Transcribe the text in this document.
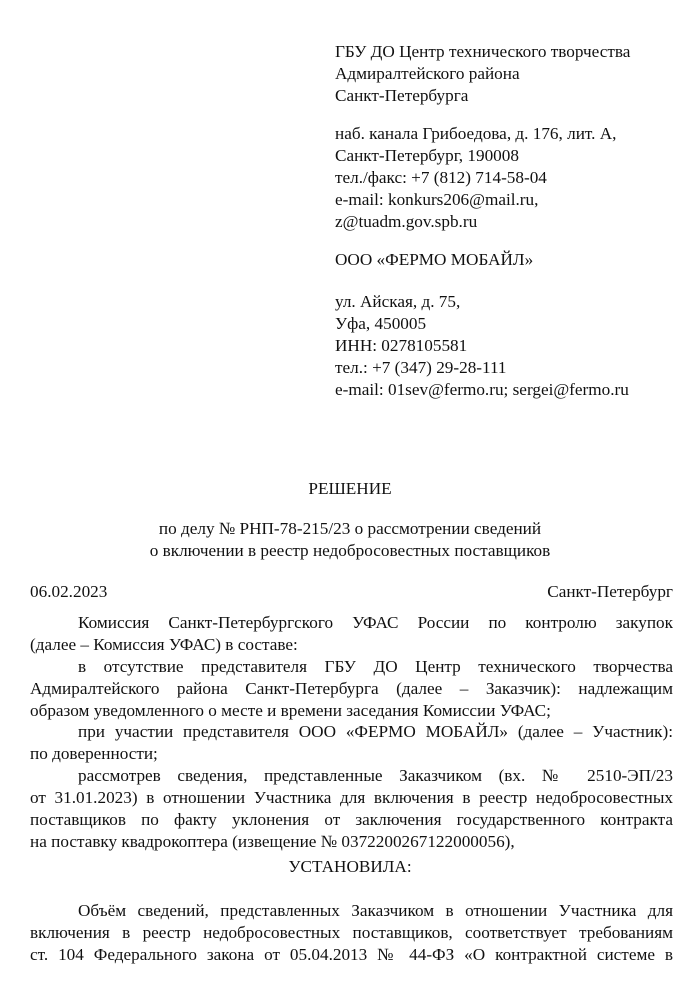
ГБУ ДО Центр технического творчества
Адмиралтейского района
Санкт-Петербурга
наб. канала Грибоедова, д. 176, лит. А,
Санкт-Петербург, 190008
тел./факс: +7 (812) 714-58-04
e-mail: konkurs206@mail.ru,
z@tuadm.gov.spb.ru
ООО «ФЕРМО МОБАЙЛ»
ул. Айская, д. 75,
Уфа, 450005
ИНН: 0278105581
тел.: +7 (347) 29-28-111
e-mail: 01sev@fermo.ru; sergei@fermo.ru
РЕШЕНИЕ
по делу № РНП-78-215/23 о рассмотрении сведений
о включении в реестр недобросовестных поставщиков
06.02.2023	Санкт-Петербург
Комиссия Санкт-Петербургского УФАС России по контролю закупок
(далее – Комиссия УФАС) в составе:
в отсутствие представителя ГБУ ДО Центр технического творчества
Адмиралтейского района Санкт-Петербурга (далее – Заказчик): надлежащим
образом уведомленного о месте и времени заседания Комиссии УФАС;
при участии представителя ООО «ФЕРМО МОБАЙЛ» (далее – Участник):
по доверенности;
рассмотрев сведения, представленные Заказчиком (вх. № 2510-ЭП/23
от 31.01.2023) в отношении Участника для включения в реестр недобросовестных
поставщиков по факту уклонения от заключения государственного контракта
на поставку квадрокоптера (извещение № 0372200267122000056),
УСТАНОВИЛА:
Объём сведений, представленных Заказчиком в отношении Участника для
включения в реестр недобросовестных поставщиков, соответствует требованиям
ст. 104 Федерального закона от 05.04.2013 № 44-ФЗ «О контрактной системе в
